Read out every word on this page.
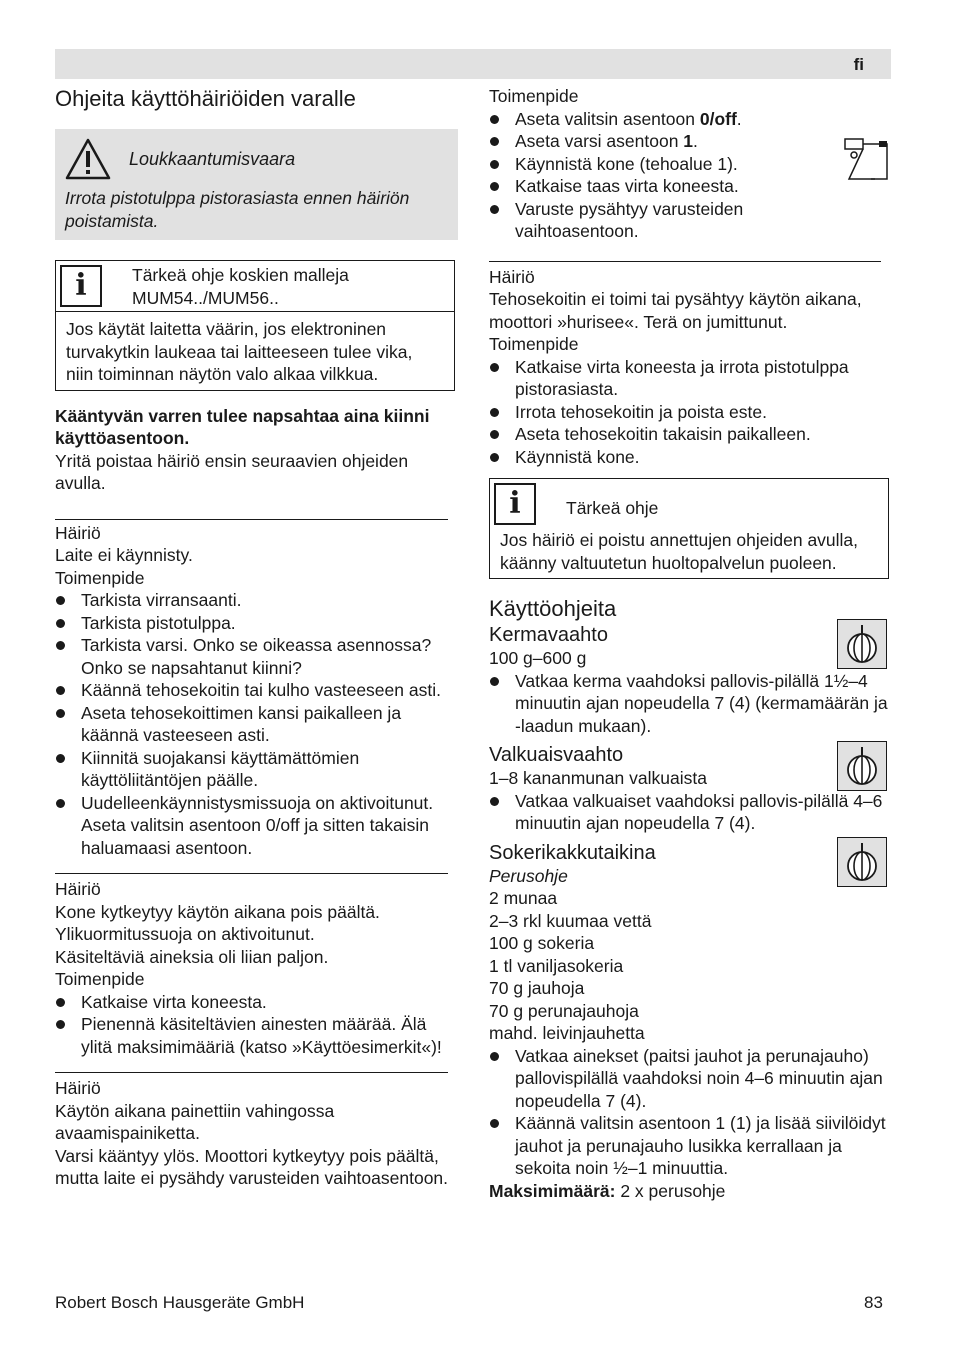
fi
Ohjeita käyttöhäiriöiden varalle
Loukkaantumisvaara

Irrota pistotulppa pistorasiasta ennen häiriön poistamista.

i	Tärkeä ohje koskien malleja
MUM54../MUM56..

Jos käytät laitetta väärin, jos elektroninen turvakytkin laukeaa tai laitteeseen tulee vika, niin toiminnan näytön valo alkaa vilkkua.

Kääntyvän varren tulee napsahtaa aina kiinni käyttöasentoon.

Yritä poistaa häiriö ensin seuraavien ohjeiden avulla.

Häiriö

Laite ei käynnisty.

Toimenpide

Tarkista virransaanti.
Tarkista pistotulppa.
Tarkista varsi. Onko se oikeassa asennossa? Onko se napsahtanut kiinni?
Käännä tehosekoitin tai kulho vasteeseen asti.
Aseta tehosekoittimen kansi paikalleen ja käännä vasteeseen asti.
Kiinnitä suojakansi käyttämättömien käyttöliitäntöjen päälle.
Uudelleenkäynnistysmissuoja on aktivoitunut. Aseta valitsin asentoon 0/off ja sitten takaisin haluamaasi asentoon.

Häiriö

Kone kytkeytyy käytön aikana pois päältä.

Ylikuormitussuoja on aktivoitunut.

Käsiteltäviä aineksia oli liian paljon.

Toimenpide

Katkaise virta koneesta.
Pienennä käsiteltävien ainesten määrää. Älä ylitä maksimimääriä (katso »Käyttöesimerkit«)!

Häiriö

Käytön aikana painettiin vahingossa avaamispainiketta.

Varsi kääntyy ylös. Moottori kytkeytyy pois päältä, mutta laite ei pysähdy varusteiden vaihtoasentoon.

Toimenpide

Aseta valitsin asentoon 0/off.
Aseta varsi asentoon 1.
Käynnistä kone (tehoalue 1).
Katkaise taas virta koneesta.
Varuste pysähtyy varusteiden vaihtoasentoon.

Häiriö

Tehosekoitin ei toimi tai pysähtyy käytön aikana, moottori »hurisee«. Terä on jumittunut.

Toimenpide

Katkaise virta koneesta ja irrota pistotulppa pistorasiasta.
Irrota tehosekoitin ja poista este.
Aseta tehosekoitin takaisin paikalleen.
Käynnistä kone.
i	Tärkeä ohje

Jos häiriö ei poistu annettujen ohjeiden avulla, käänny valtuutetun huoltopalvelun puoleen.

Käyttöohjeita
Kermavaahto

100 g–600 g

Vatkaa kerma vaahdoksi pallovis-pilällä 1½–4 minuutin ajan nopeudella 7 (4) (kermamäärän ja -laadun mukaan).
Valkuaisvaahto

1–8 kananmunan valkuaista

Vatkaa valkuaiset vaahdoksi pallovis-pilällä 4–6 minuutin ajan nopeudella 7 (4).
Sokerikakkutaikina

Perusohje

2 munaa

2–3 rkl kuumaa vettä

100 g sokeria

1 tl vaniljasokeria

70 g jauhoja

70 g perunajauhoja

mahd. leivinjauhetta

Vatkaa ainekset (paitsi jauhot ja perunajauho) pallovispilällä vaahdoksi noin 4–6 minuutin ajan nopeudella 7 (4).
Käännä valitsin asentoon 1 (1) ja lisää siivilöidyt jauhot ja perunajauho lusikka kerrallaan ja sekoita noin ½–1 minuuttia.

Maksimimäärä: 2 x perusohje

Robert Bosch Hausgeräte GmbH	83
